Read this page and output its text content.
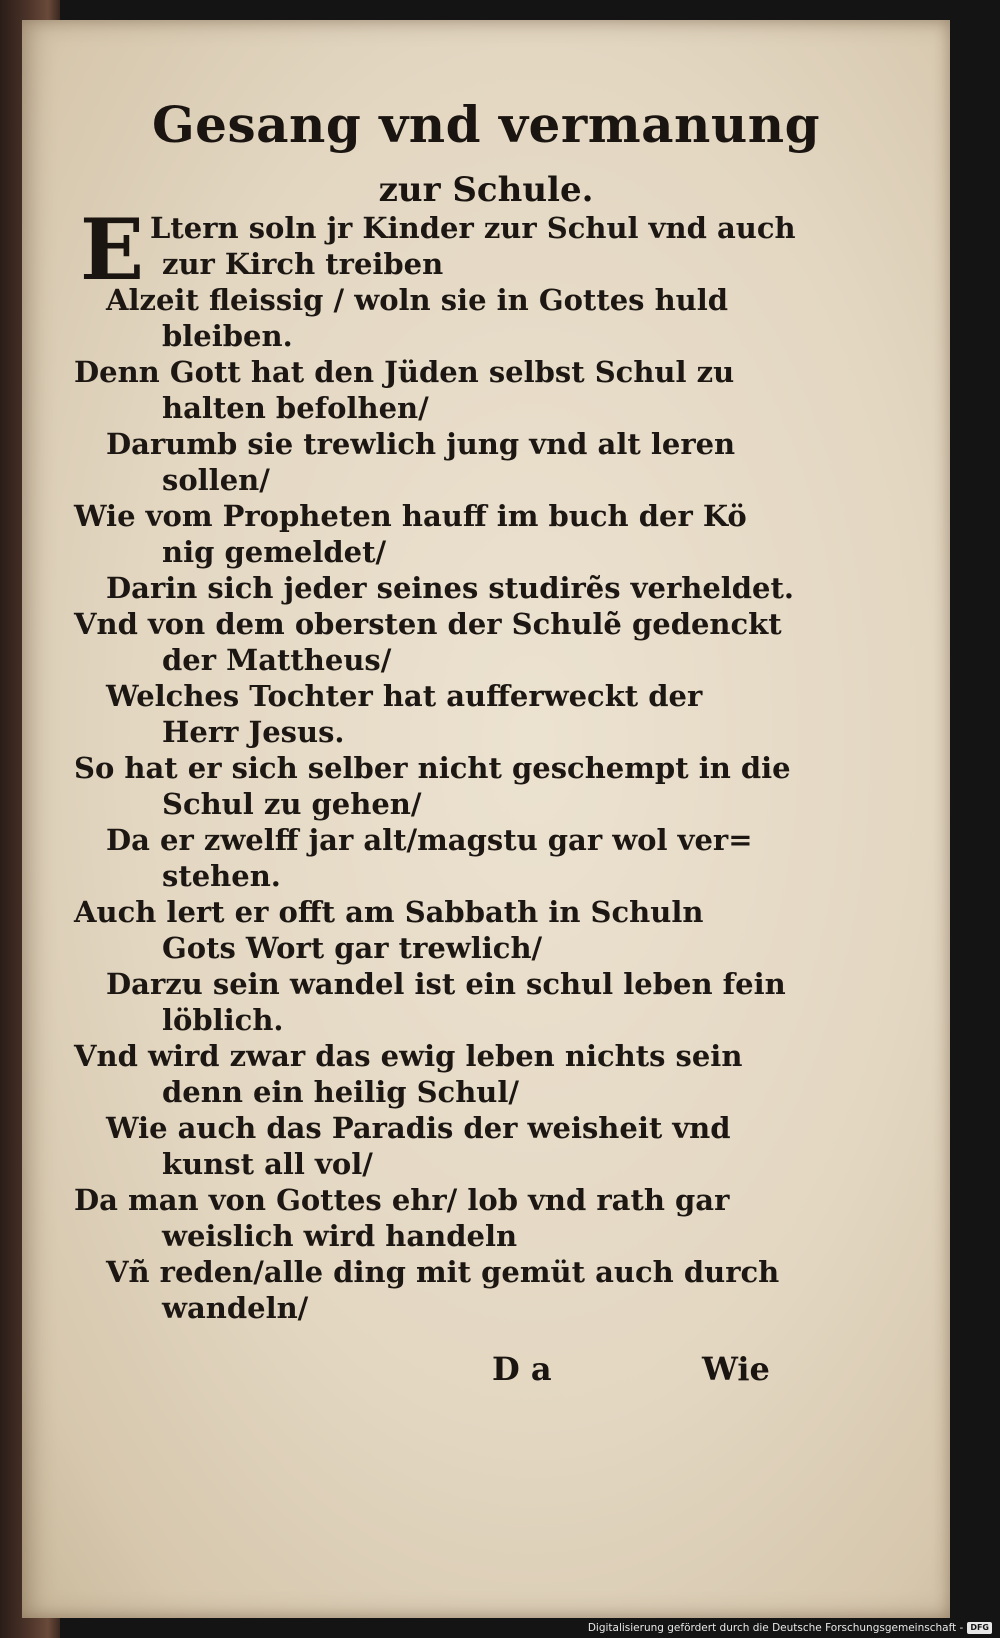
Gesang vnd vermanung
zur Schule.
E Ltern soln jr Kinder zur Schul vnd auch
zur Kirch treiben
Alzeit fleissig / woln sie in Gottes huld
bleiben.
Denn Gott hat den Jüden selbst Schul zu
halten befolhen/
Darumb sie trewlich jung vnd alt leren
sollen/
Wie vom Propheten hauff im buch der Kö
nig gemeldet/
Darin sich jeder seines studirẽs verheldet.
Vnd von dem obersten der Schulẽ gedenckt
der Mattheus/
Welches Tochter hat aufferweckt der
Herr Jesus.
So hat er sich selber nicht geschempt in die
Schul zu gehen/
Da er zwelff jar alt/magstu gar wol ver=
stehen.
Auch lert er offt am Sabbath in Schuln
Gots Wort gar trewlich/
Darzu sein wandel ist ein schul leben fein
löblich.
Vnd wird zwar das ewig leben nichts sein
denn ein heilig Schul/
Wie auch das Paradis der weisheit vnd
kunst all vol/
Da man von Gottes ehr/ lob vnd rath gar
weislich wird handeln
Vñ reden/alle ding mit gemüt auch durch
wandeln/
D a	Wie
Digitalisierung gefördert durch die Deutsche Forschungsgemeinschaft - DFG
